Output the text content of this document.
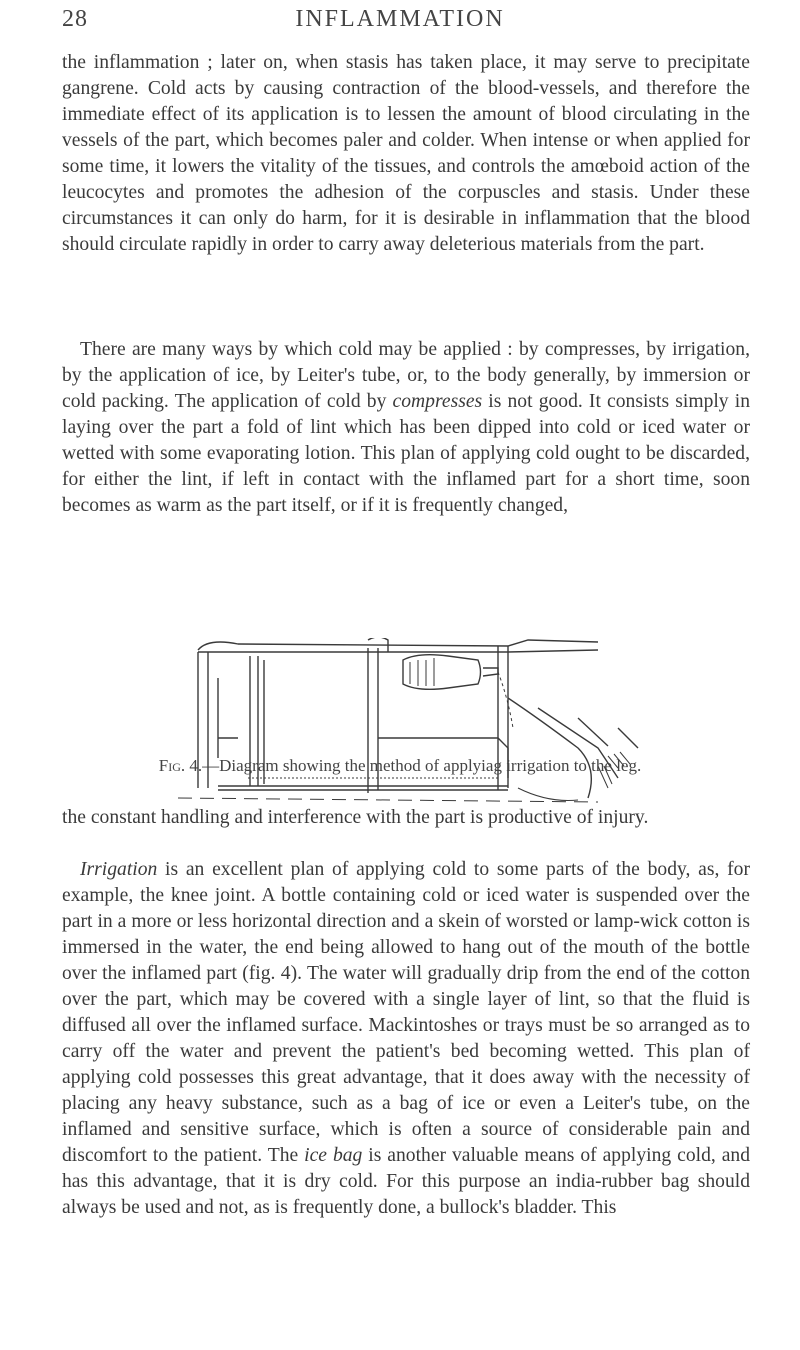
28	INFLAMMATION

the inflammation ; later on, when stasis has taken place, it may serve to precipitate gangrene. Cold acts by causing contraction of the blood-vessels, and therefore the immediate effect of its application is to lessen the amount of blood circulating in the vessels of the part, which becomes paler and colder. When intense or when applied for some time, it lowers the vitality of the tissues, and controls the amœboid action of the leucocytes and promotes the adhesion of the corpuscles and stasis. Under these circumstances it can only do harm, for it is desirable in inflammation that the blood should circulate rapidly in order to carry away deleterious materials from the part.

There are many ways by which cold may be applied : by compresses, by irrigation, by the application of ice, by Leiter's tube, or, to the body generally, by immersion or cold packing. The application of cold by compresses is not good. It consists simply in laying over the part a fold of lint which has been dipped into cold or iced water or wetted with some evaporating lotion. This plan of applying cold ought to be discarded, for either the lint, if left in contact with the inflamed part for a short time, soon becomes as warm as the part itself, or if it is frequently changed,

Fig. 4.—Diagram showing the method of applyiag irrigation to the leg.

the constant handling and interference with the part is productive of injury.

Irrigation is an excellent plan of applying cold to some parts of the body, as, for example, the knee joint. A bottle containing cold or iced water is suspended over the part in a more or less horizontal direction and a skein of worsted or lamp-wick cotton is immersed in the water, the end being allowed to hang out of the mouth of the bottle over the inflamed part (fig. 4). The water will gradually drip from the end of the cotton over the part, which may be covered with a single layer of lint, so that the fluid is diffused all over the inflamed surface. Mackintoshes or trays must be so arranged as to carry off the water and prevent the patient's bed becoming wetted. This plan of applying cold possesses this great advantage, that it does away with the necessity of placing any heavy substance, such as a bag of ice or even a Leiter's tube, on the inflamed and sensitive surface, which is often a source of considerable pain and discomfort to the patient. The ice bag is another valuable means of applying cold, and has this advantage, that it is dry cold. For this purpose an india-rubber bag should always be used and not, as is frequently done, a bullock's bladder. This
